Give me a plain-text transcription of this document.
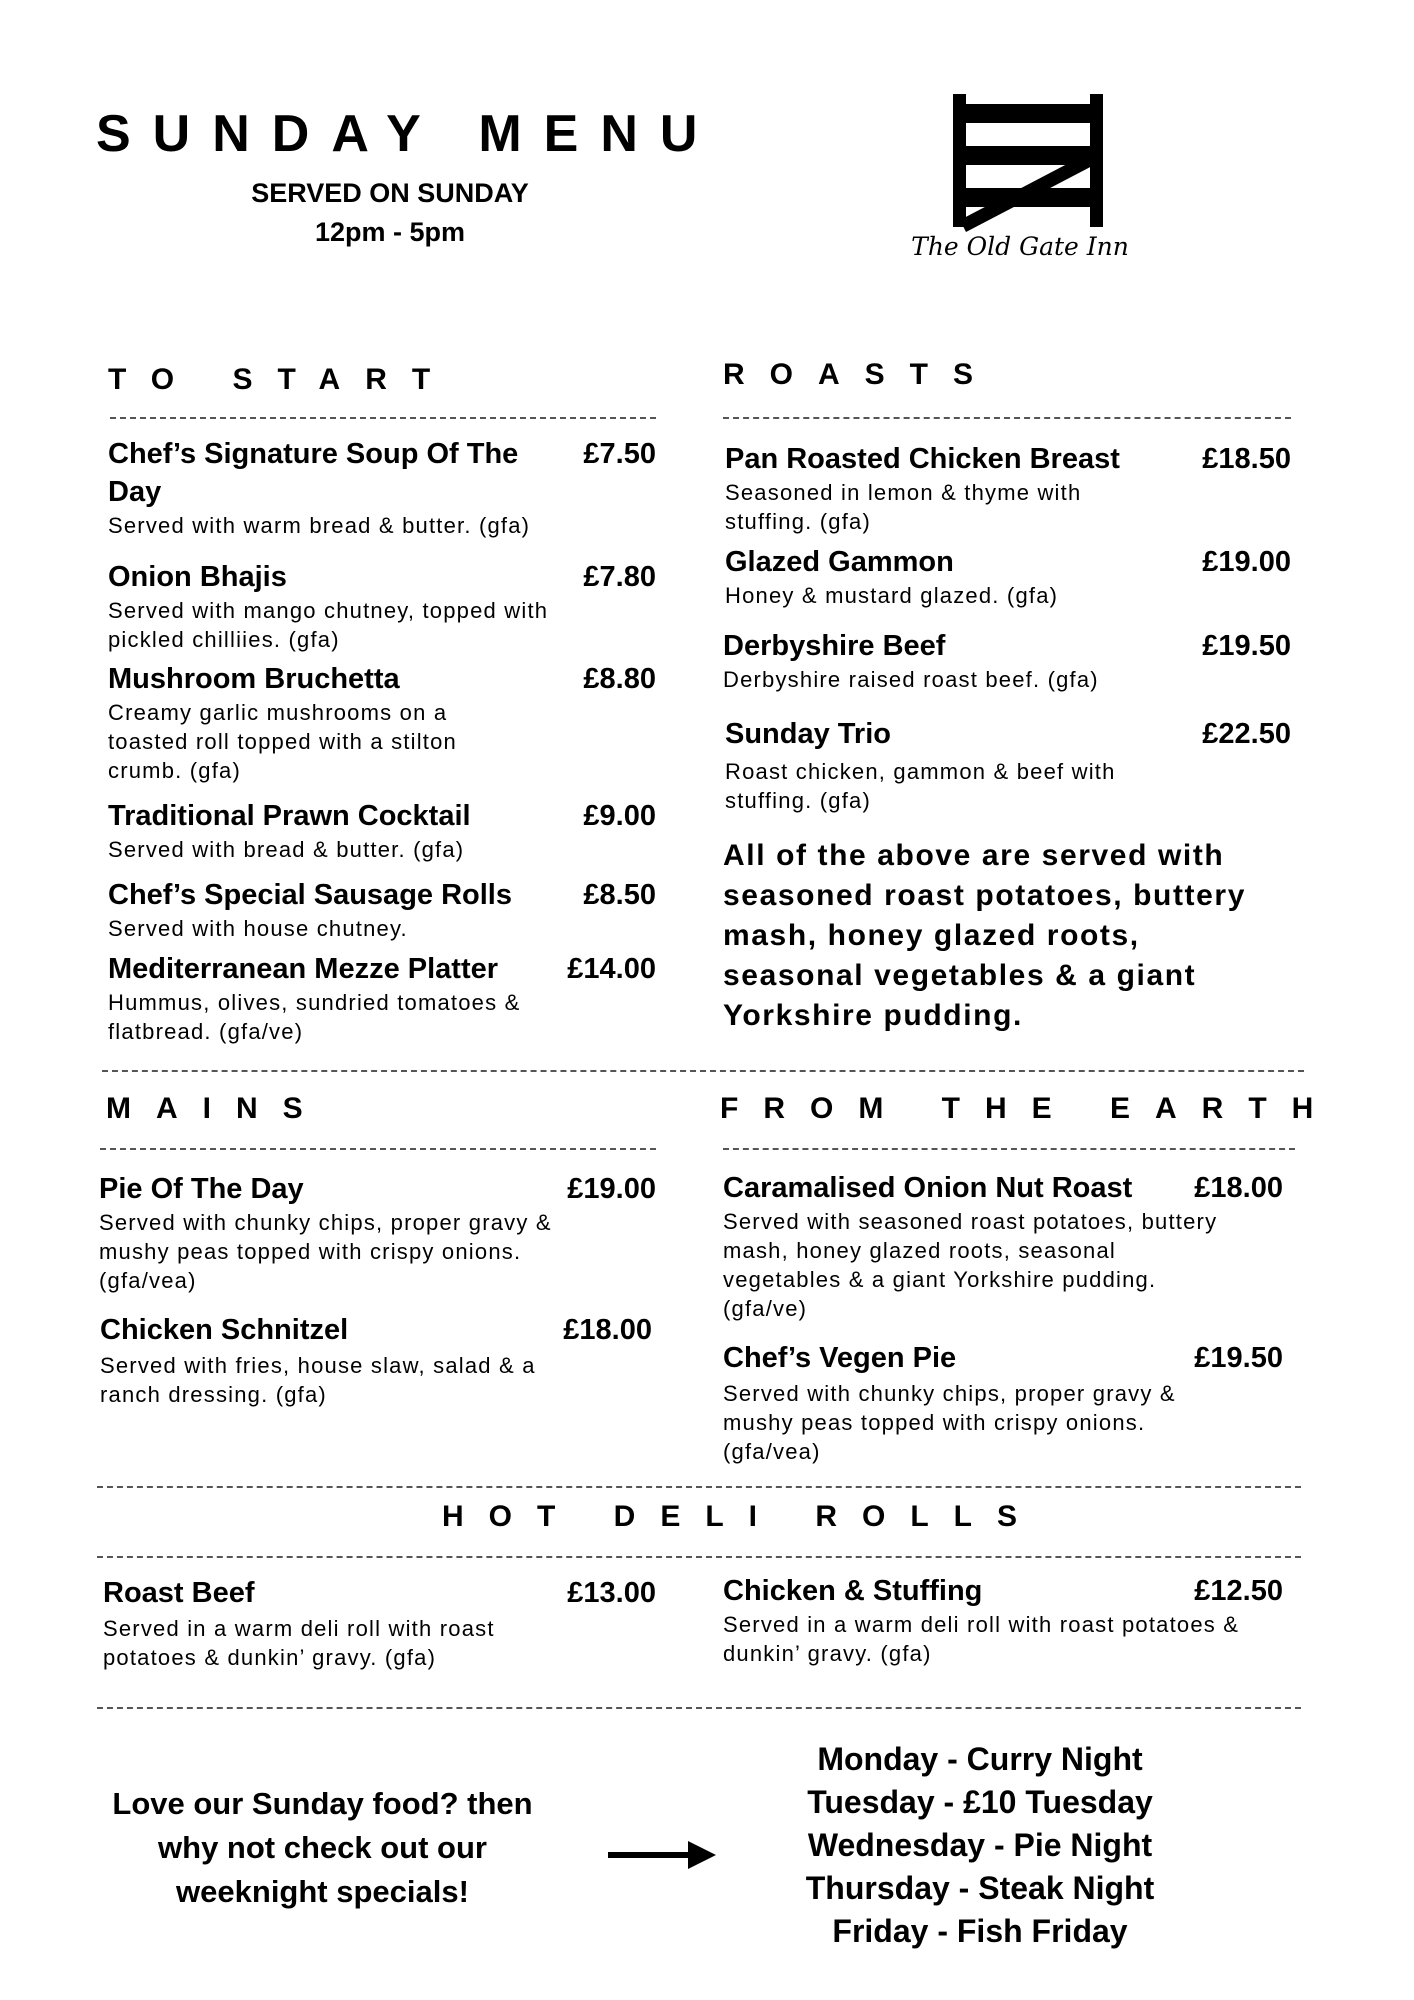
SUNDAY MENU
SERVED ON SUNDAY
12pm - 5pm	The Old Gate Inn
TO START
Chef’s Signature Soup Of The Day
£7.50
Served with warm bread & butter. (gfa)
Onion Bhajis	£7.80
Served with mango chutney, topped with pickled chilliies. (gfa)
Mushroom Bruchetta	£8.80
Creamy garlic mushrooms on a toasted roll topped with a stilton crumb. (gfa)
Traditional Prawn Cocktail	£9.00
Served with bread & butter. (gfa)
Chef’s Special Sausage Rolls	£8.50
Served with house chutney.
Mediterranean Mezze Platter	£14.00
Hummus, olives, sundried tomatoes & flatbread. (gfa/ve)
ROASTS
Pan Roasted Chicken Breast	£18.50
Seasoned in lemon & thyme with stuffing. (gfa)
Glazed Gammon	£19.00
Honey & mustard glazed. (gfa)
Derbyshire Beef	£19.50
Derbyshire raised roast beef. (gfa)
Sunday Trio	£22.50
Roast chicken, gammon & beef with stuffing. (gfa)
All of the above are served with seasoned roast potatoes, buttery mash, honey glazed roots, seasonal vegetables & a giant Yorkshire pudding.
MAINS
Pie Of The Day	£19.00
Served with chunky chips, proper gravy & mushy peas topped with crispy onions. (gfa/vea)
Chicken Schnitzel	£18.00
Served with fries, house slaw, salad & a ranch dressing. (gfa)
FROM THE EARTH
Caramalised Onion Nut Roast	£18.00
Served with seasoned roast potatoes, buttery mash, honey glazed roots, seasonal vegetables & a giant Yorkshire pudding. (gfa/ve)
Chef’s Vegen Pie	£19.50
Served with chunky chips, proper gravy & mushy peas topped with crispy onions. (gfa/vea)
HOT DELI ROLLS
Roast Beef	£13.00
Served in a warm deli roll with roast potatoes & dunkin’ gravy. (gfa)
Chicken & Stuffing	£12.50
Served in a warm deli roll with roast potatoes & dunkin’ gravy. (gfa)
Love our Sunday food? then why not check out our weeknight specials!
Monday - Curry Night
Tuesday - £10 Tuesday
Wednesday - Pie Night
Thursday - Steak Night
Friday - Fish Friday
